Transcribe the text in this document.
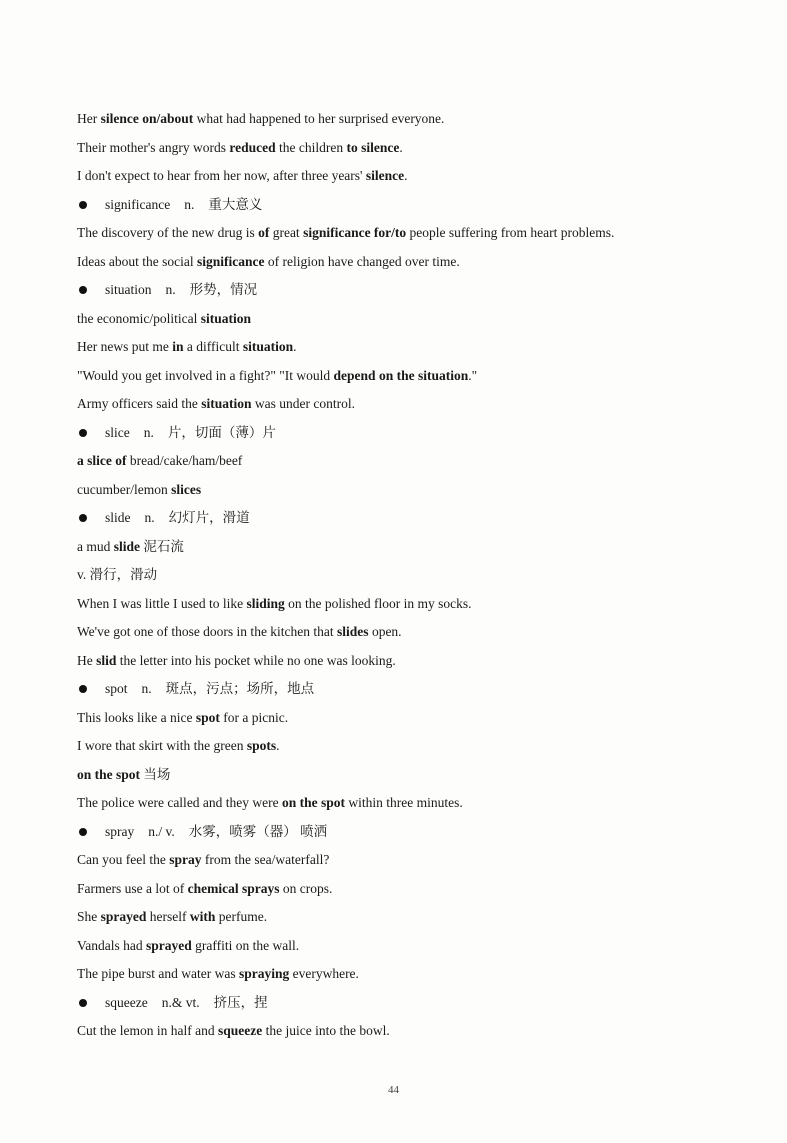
Her silence on/about what had happened to her surprised everyone.
Their mother's angry words reduced the children to silence.
I don't expect to hear from her now, after three years' silence.
significance n. 重大意义
The discovery of the new drug is of great significance for/to people suffering from heart problems.
Ideas about the social significance of religion have changed over time.
situation n. 形势，情况
the economic/political situation
Her news put me in a difficult situation.
"Would you get involved in a fight?" "It would depend on the situation."
Army officers said the situation was under control.
slice n. 片，切面（薄）片
a slice of bread/cake/ham/beef
cucumber/lemon slices
slide n. 幻灯片，滑道
a mud slide 泥石流
v. 滑行，滑动
When I was little I used to like sliding on the polished floor in my socks.
We've got one of those doors in the kitchen that slides open.
He slid the letter into his pocket while no one was looking.
spot n. 斑点，污点；场所，地点
This looks like a nice spot for a picnic.
I wore that skirt with the green spots.
on the spot 当场
The police were called and they were on the spot within three minutes.
spray n./ v. 水雾，喷雾（器） 喷洒
Can you feel the spray from the sea/waterfall?
Farmers use a lot of chemical sprays on crops.
She sprayed herself with perfume.
Vandals had sprayed graffiti on the wall.
The pipe burst and water was spraying everywhere.
squeeze n.& vt. 挤压，捏
Cut the lemon in half and squeeze the juice into the bowl.
44
